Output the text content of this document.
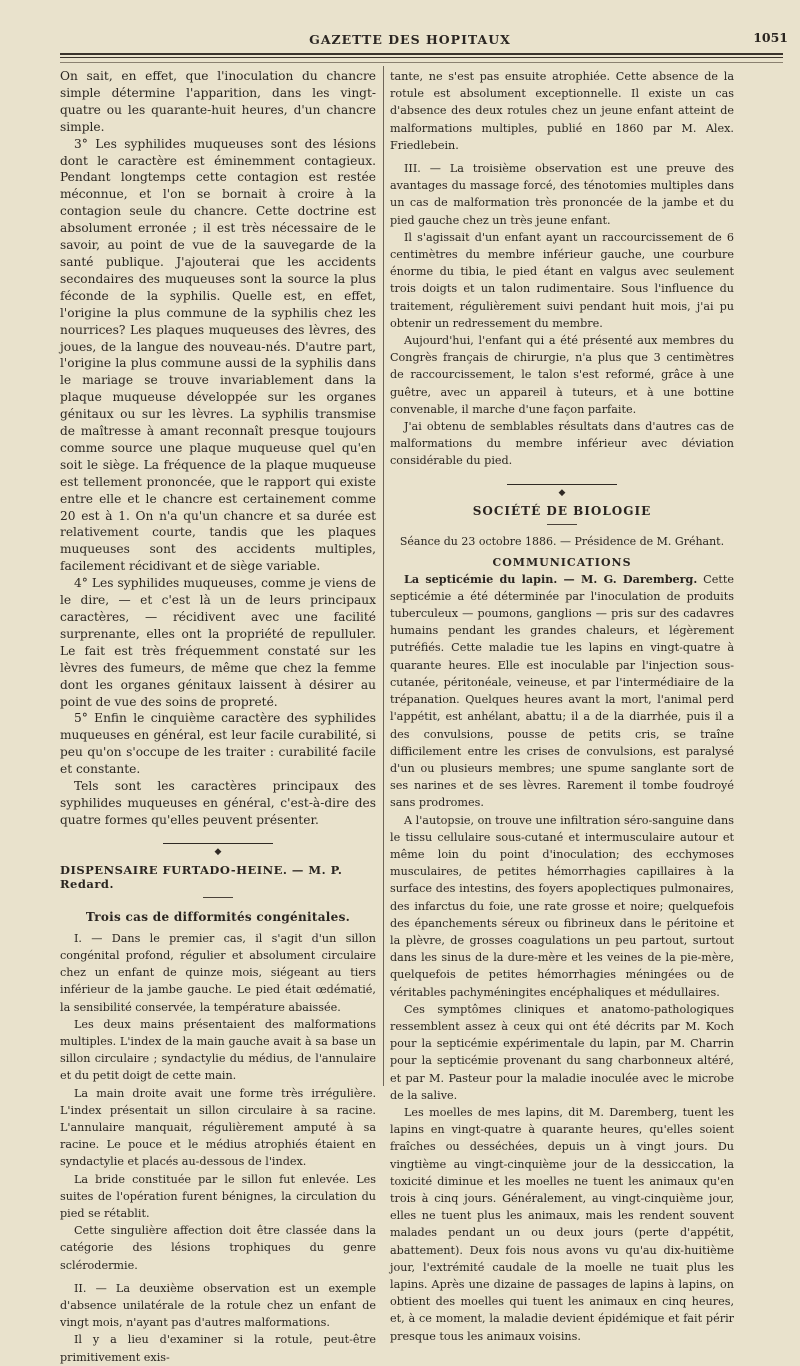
GAZETTE DES HOPITAUX	1051

On sait, en effet, que l'inoculation du chancre simple détermine l'apparition, dans les vingt-quatre ou les quarante-huit heures, d'un chancre simple.

3° Les syphilides muqueuses sont des lésions dont le caractère est éminemment contagieux. Pendant longtemps cette contagion est restée méconnue, et l'on se bornait à croire à la contagion seule du chancre. Cette doctrine est absolument erronée ; il est très nécessaire de le savoir, au point de vue de la sauvegarde de la santé publique. J'ajouterai que les accidents secondaires des muqueuses sont la source la plus féconde de la syphilis. Quelle est, en effet, l'origine la plus commune de la syphilis chez les nourrices? Les plaques muqueuses des lèvres, des joues, de la langue des nouveau-nés. D'autre part, l'origine la plus commune aussi de la syphilis dans le mariage se trouve invariablement dans la plaque muqueuse développée sur les organes génitaux ou sur les lèvres. La syphilis transmise de maîtresse à amant reconnaît presque toujours comme source une plaque muqueuse quel qu'en soit le siège. La fréquence de la plaque muqueuse est tellement prononcée, que le rapport qui existe entre elle et le chancre est certainement comme 20 est à 1. On n'a qu'un chancre et sa durée est relativement courte, tandis que les plaques muqueuses sont des accidents multiples, facilement récidivant et de siège variable.

4° Les syphilides muqueuses, comme je viens de le dire, — et c'est là un de leurs principaux caractères, — récidivent avec une facilité surprenante, elles ont la propriété de repulluler. Le fait est très fréquemment constaté sur les lèvres des fumeurs, de même que chez la femme dont les organes génitaux laissent à désirer au point de vue des soins de propreté.

5° Enfin le cinquième caractère des syphilides muqueuses en général, est leur facile curabilité, si peu qu'on s'occupe de les traiter : curabilité facile et constante.

Tels sont les caractères principaux des syphilides muqueuses en général, c'est-à-dire des quatre formes qu'elles peuvent présenter.

◆
DISPENSAIRE FURTADO-HEINE. — M. P. Redard.
Trois cas de difformités congénitales.

I. — Dans le premier cas, il s'agit d'un sillon congénital profond, régulier et absolument circulaire chez un enfant de quinze mois, siégeant au tiers inférieur de la jambe gauche. Le pied était œdématié, la sensibilité conservée, la température abaissée.

Les deux mains présentaient des malformations multiples. L'index de la main gauche avait à sa base un sillon circulaire ; syndactylie du médius, de l'annulaire et du petit doigt de cette main.

La main droite avait une forme très irrégulière. L'index présentait un sillon circulaire à sa racine. L'annulaire manquait, régulièrement amputé à sa racine. Le pouce et le médius atrophiés étaient en syndactylie et placés au-dessous de l'index.

La bride constituée par le sillon fut enlevée. Les suites de l'opération furent bénignes, la circulation du pied se rétablit.

Cette singulière affection doit être classée dans la catégorie des lésions trophiques du genre sclérodermie.

II. — La deuxième observation est un exemple d'absence unilatérale de la rotule chez un enfant de vingt mois, n'ayant pas d'autres malformations.

Il y a lieu d'examiner si la rotule, peut-être primitivement exis-

tante, ne s'est pas ensuite atrophiée. Cette absence de la rotule est absolument exceptionnelle. Il existe un cas d'absence des deux rotules chez un jeune enfant atteint de malformations multiples, publié en 1860 par M. Alex. Friedlebein.

III. — La troisième observation est une preuve des avantages du massage forcé, des ténotomies multiples dans un cas de malformation très prononcée de la jambe et du pied gauche chez un très jeune enfant.

Il s'agissait d'un enfant ayant un raccourcissement de 6 centimètres du membre inférieur gauche, une courbure énorme du tibia, le pied étant en valgus avec seulement trois doigts et un talon rudimentaire. Sous l'influence du traitement, régulièrement suivi pendant huit mois, j'ai pu obtenir un redressement du membre.

Aujourd'hui, l'enfant qui a été présenté aux membres du Congrès français de chirurgie, n'a plus que 3 centimètres de raccourcissement, le talon s'est reformé, grâce à une guêtre, avec un appareil à tuteurs, et à une bottine convenable, il marche d'une façon parfaite.

J'ai obtenu de semblables résultats dans d'autres cas de malformations du membre inférieur avec déviation considérable du pied.

◆
SOCIÉTÉ DE BIOLOGIE
Séance du 23 octobre 1886. — Présidence de M. Gréhant.
COMMUNICATIONS

La septicémie du lapin. — M. G. Daremberg. Cette septicémie a été déterminée par l'inoculation de produits tuberculeux — poumons, ganglions — pris sur des cadavres humains pendant les grandes chaleurs, et légèrement putréfiés. Cette maladie tue les lapins en vingt-quatre à quarante heures. Elle est inoculable par l'injection sous-cutanée, péritonéale, veineuse, et par l'intermédiaire de la trépanation. Quelques heures avant la mort, l'animal perd l'appétit, est anhélant, abattu; il a de la diarrhée, puis il a des convulsions, pousse de petits cris, se traîne difficilement entre les crises de convulsions, est paralysé d'un ou plusieurs membres; une spume sanglante sort de ses narines et de ses lèvres. Rarement il tombe foudroyé sans prodromes.

A l'autopsie, on trouve une infiltration séro-sanguine dans le tissu cellulaire sous-cutané et intermusculaire autour et même loin du point d'inoculation; des ecchymoses musculaires, de petites hémorrhagies capillaires à la surface des intestins, des foyers apoplectiques pulmonaires, des infarctus du foie, une rate grosse et noire; quelquefois des épanchements séreux ou fibrineux dans le péritoine et la plèvre, de grosses coagulations un peu partout, surtout dans les sinus de la dure-mère et les veines de la pie-mère, quelquefois de petites hémorrhagies méningées ou de véritables pachyméningites encéphaliques et médullaires.

Ces symptômes cliniques et anatomo-pathologiques ressemblent assez à ceux qui ont été décrits par M. Koch pour la septicémie expérimentale du lapin, par M. Charrin pour la septicémie provenant du sang charbonneux altéré, et par M. Pasteur pour la maladie inoculée avec le microbe de la salive.

Les moelles de mes lapins, dit M. Daremberg, tuent les lapins en vingt-quatre à quarante heures, qu'elles soient fraîches ou desséchées, depuis un à vingt jours. Du vingtième au vingt-cinquième jour de la dessiccation, la toxicité diminue et les moelles ne tuent les animaux qu'en trois à cinq jours. Généralement, au vingt-cinquième jour, elles ne tuent plus les animaux, mais les rendent souvent malades pendant un ou deux jours (perte d'appétit, abattement). Deux fois nous avons vu qu'au dix-huitième jour, l'extrémité caudale de la moelle ne tuait plus les lapins. Après une dizaine de passages de lapins à lapins, on obtient des moelles qui tuent les animaux en cinq heures, et, à ce moment, la maladie devient épidémique et fait périr presque tous les animaux voisins.
